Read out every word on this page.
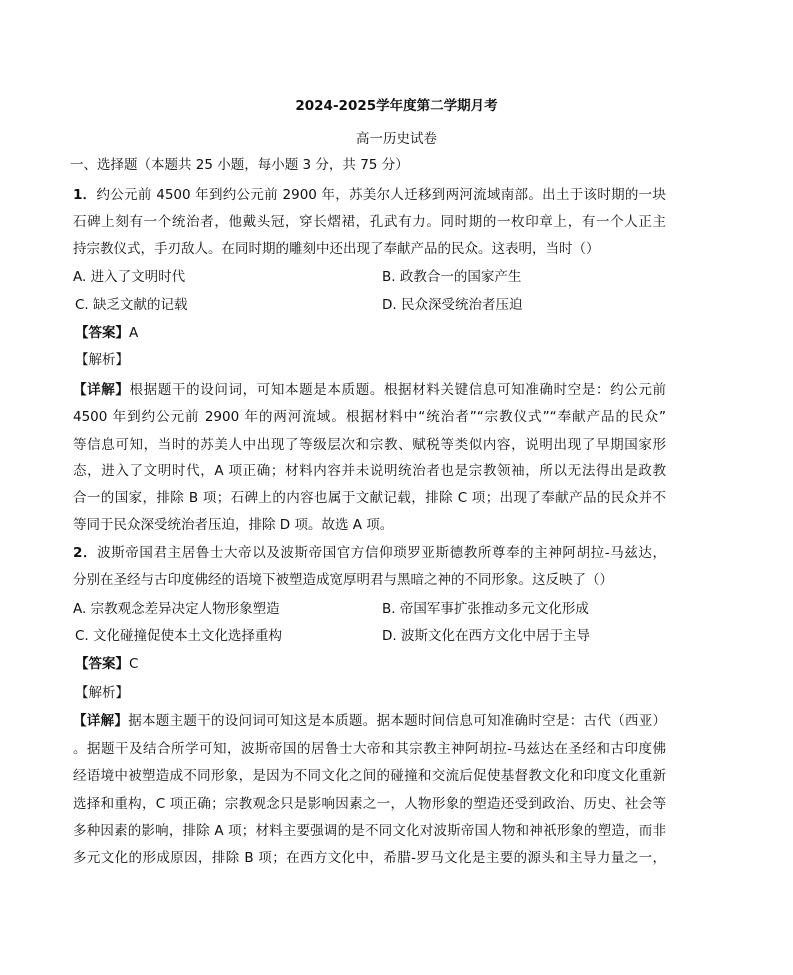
2024-2025学年度第二学期月考
高一历史试卷
一、选择题（本题共 25 小题，每小题 3 分，共 75 分）
1．约公元前 4500 年到约公元前 2900 年，苏美尔人迁移到两河流域南部。出土于该时期的一块
石碑上刻有一个统治者，他戴头冠，穿长熠裙，孔武有力。同时期的一枚印章上，有一个人正主
持宗教仪式，手刃敌人。在同时期的雕刻中还出现了奉献产品的民众。这表明，当时（）
A. 进入了文明时代	B. 政教合一的国家产生
C. 缺乏文献的记载	D. 民众深受统治者压迫
【答案】A
【解析】
【详解】根据题干的设问词，可知本题是本质题。根据材料关键信息可知准确时空是：约公元前
4500 年到约公元前 2900 年的两河流域。根据材料中“统治者”“宗教仪式”“奉献产品的民众”
等信息可知，当时的苏美人中出现了等级层次和宗教、赋税等类似内容，说明出现了早期国家形
态，进入了文明时代，A 项正确；材料内容并未说明统治者也是宗教领袖，所以无法得出是政教
合一的国家，排除 B 项；石碑上的内容也属于文献记载，排除 C 项；出现了奉献产品的民众并不
等同于民众深受统治者压迫，排除 D 项。故选 A 项。
2．波斯帝国君主居鲁士大帝以及波斯帝国官方信仰琐罗亚斯德教所尊奉的主神阿胡拉-马兹达，
分别在圣经与古印度佛经的语境下被塑造成宽厚明君与黑暗之神的不同形象。这反映了（）
A. 宗教观念差异决定人物形象塑造	B. 帝国军事扩张推动多元文化形成
C. 文化碰撞促使本土文化选择重构	D. 波斯文化在西方文化中居于主导
【答案】C
【解析】
【详解】据本题主题干的设问词可知这是本质题。据本题时间信息可知准确时空是：古代（西亚）
。据题干及结合所学可知，波斯帝国的居鲁士大帝和其宗教主神阿胡拉-马兹达在圣经和古印度佛
经语境中被塑造成不同形象，是因为不同文化之间的碰撞和交流后促使基督教文化和印度文化重新
选择和重构，C 项正确；宗教观念只是影响因素之一，人物形象的塑造还受到政治、历史、社会等
多种因素的影响，排除 A 项；材料主要强调的是不同文化对波斯帝国人物和神祇形象的塑造，而非
多元文化的形成原因，排除 B 项；在西方文化中，希腊-罗马文化是主要的源头和主导力量之一，
